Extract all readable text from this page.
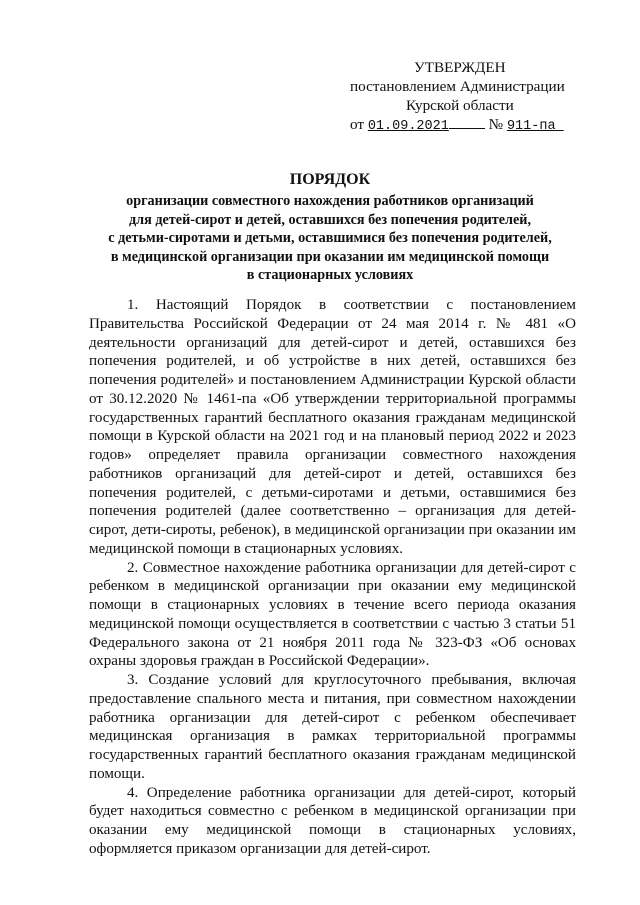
УТВЕРЖДЕН
постановлением Администрации
Курской области
от 01.09.2021	№ 911-па
ПОРЯДОК
организации совместного нахождения работников организаций
для детей-сирот и детей, оставшихся без попечения родителей,
с детьми-сиротами и детьми, оставшимися без попечения родителей,
в медицинской организации при оказании им медицинской помощи
в стационарных условиях

1. Настоящий Порядок в соответствии с постановлением Правительства Российской Федерации от 24 мая 2014 г. № 481 «О деятельности организаций для детей-сирот и детей, оставшихся без попечения родителей, и об устройстве в них детей, оставшихся без попечения родителей» и постановлением Администрации Курской области от 30.12.2020 № 1461-па «Об утверждении территориальной программы государственных гарантий бесплатного оказания гражданам медицинской помощи в Курской области на 2021 год и на плановый период 2022 и 2023 годов» определяет правила организации совместного нахождения работников организаций для детей-сирот и детей, оставшихся без попечения родителей, с детьми-сиротами и детьми, оставшимися без попечения родителей (далее соответственно – организация для детей-сирот, дети-сироты, ребенок), в медицинской организации при оказании им медицинской помощи в стационарных условиях.

2. Совместное нахождение работника организации для детей-сирот с ребенком в медицинской организации при оказании ему медицинской помощи в стационарных условиях в течение всего периода оказания медицинской помощи осуществляется в соответствии с частью 3 статьи 51 Федерального закона от 21 ноября 2011 года № 323-ФЗ «Об основах охраны здоровья граждан в Российской Федерации».

3. Создание условий для круглосуточного пребывания, включая предоставление спального места и питания, при совместном нахождении работника организации для детей-сирот с ребенком обеспечивает медицинская организация в рамках территориальной программы государственных гарантий бесплатного оказания гражданам медицинской помощи.

4. Определение работника организации для детей-сирот, который будет находиться совместно с ребенком в медицинской организации при оказании ему медицинской помощи в стационарных условиях, оформляется приказом организации для детей-сирот.
